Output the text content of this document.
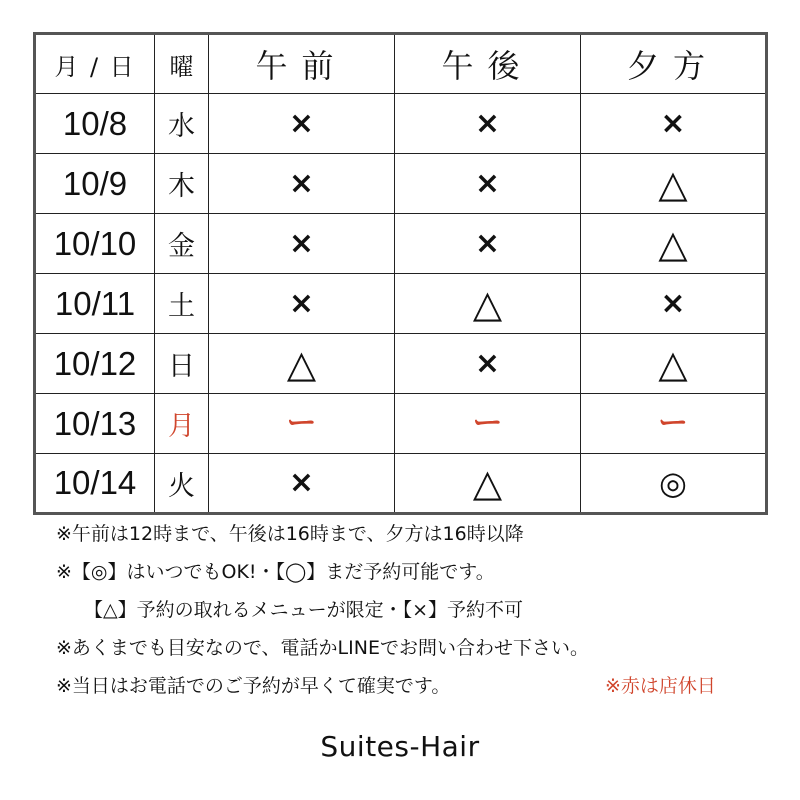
月 / 日	曜	午前	午後	夕方
10/8	水	×	×	×
10/9	木	×	×	△
10/10	金	×	×	△
10/11	土	×	△	×
10/12	日	△	×	△
10/13	月	ー	ー	ー
10/14	火	×	△	◎
※午前は12時まで、午後は16時まで、夕方は16時以降
※【◎】はいつでもOK!・【◯】まだ予約可能です。
【△】予約の取れるメニューが限定・【×】予約不可
※あくまでも目安なので、電話かLINEでお問い合わせ下さい。
※当日はお電話でのご予約が早くて確実です。	※赤は店休日
Suites-Hair
